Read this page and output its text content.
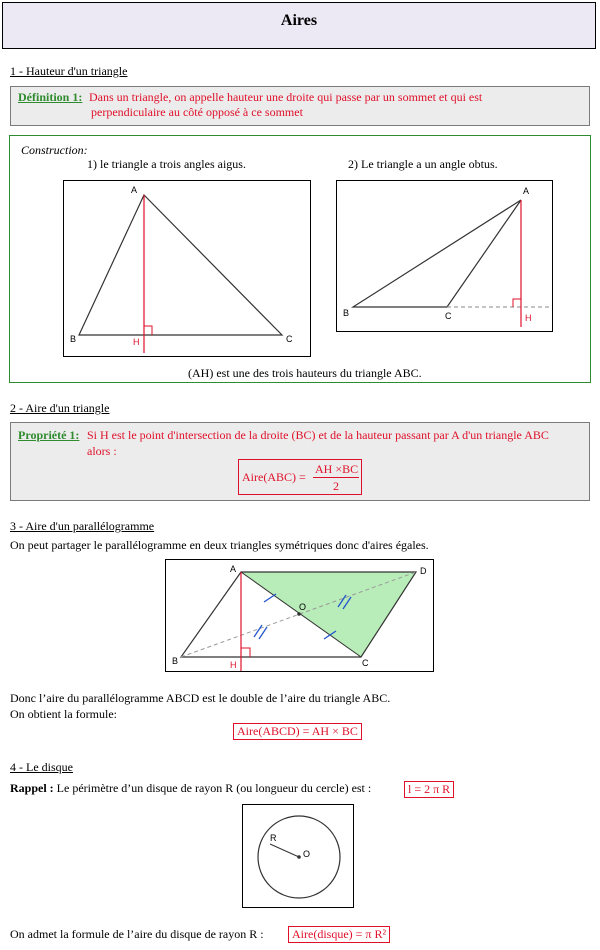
Aires
1 - Hauteur d'un triangle
Définition 1: Dans un triangle, on appelle hauteur une droite qui passe par un sommet et qui est
perpendiculaire au côté opposé à ce sommet
Construction:
1) le triangle a trois angles aigus.	2) Le triangle a un angle obtus.
A
B	C
H
A
B	C	H
(AH) est une des trois hauteurs du triangle ABC.
2 - Aire d'un triangle
Propriété 1: Si H est le point d'intersection de la droite (BC) et de la hauteur passant par A d'un triangle ABC
alors :
Aire(ABC) =
AH ×BC
2
3 - Aire d'un parallélogramme
On peut partager le parallélogramme en deux triangles symétriques donc d'aires égales.
A	D
B	C
H
O
Donc l’aire du parallélogramme ABCD est le double de l’aire du triangle ABC.
On obtient la formule:
Aire(ABCD) = AH × BC
4 - Le disque
Rappel : Le périmètre d’un disque de rayon R (ou longueur du cercle) est :	l = 2 π R
R
O
On admet la formule de l’aire du disque de rayon R :	Aire(disque) = π R²
